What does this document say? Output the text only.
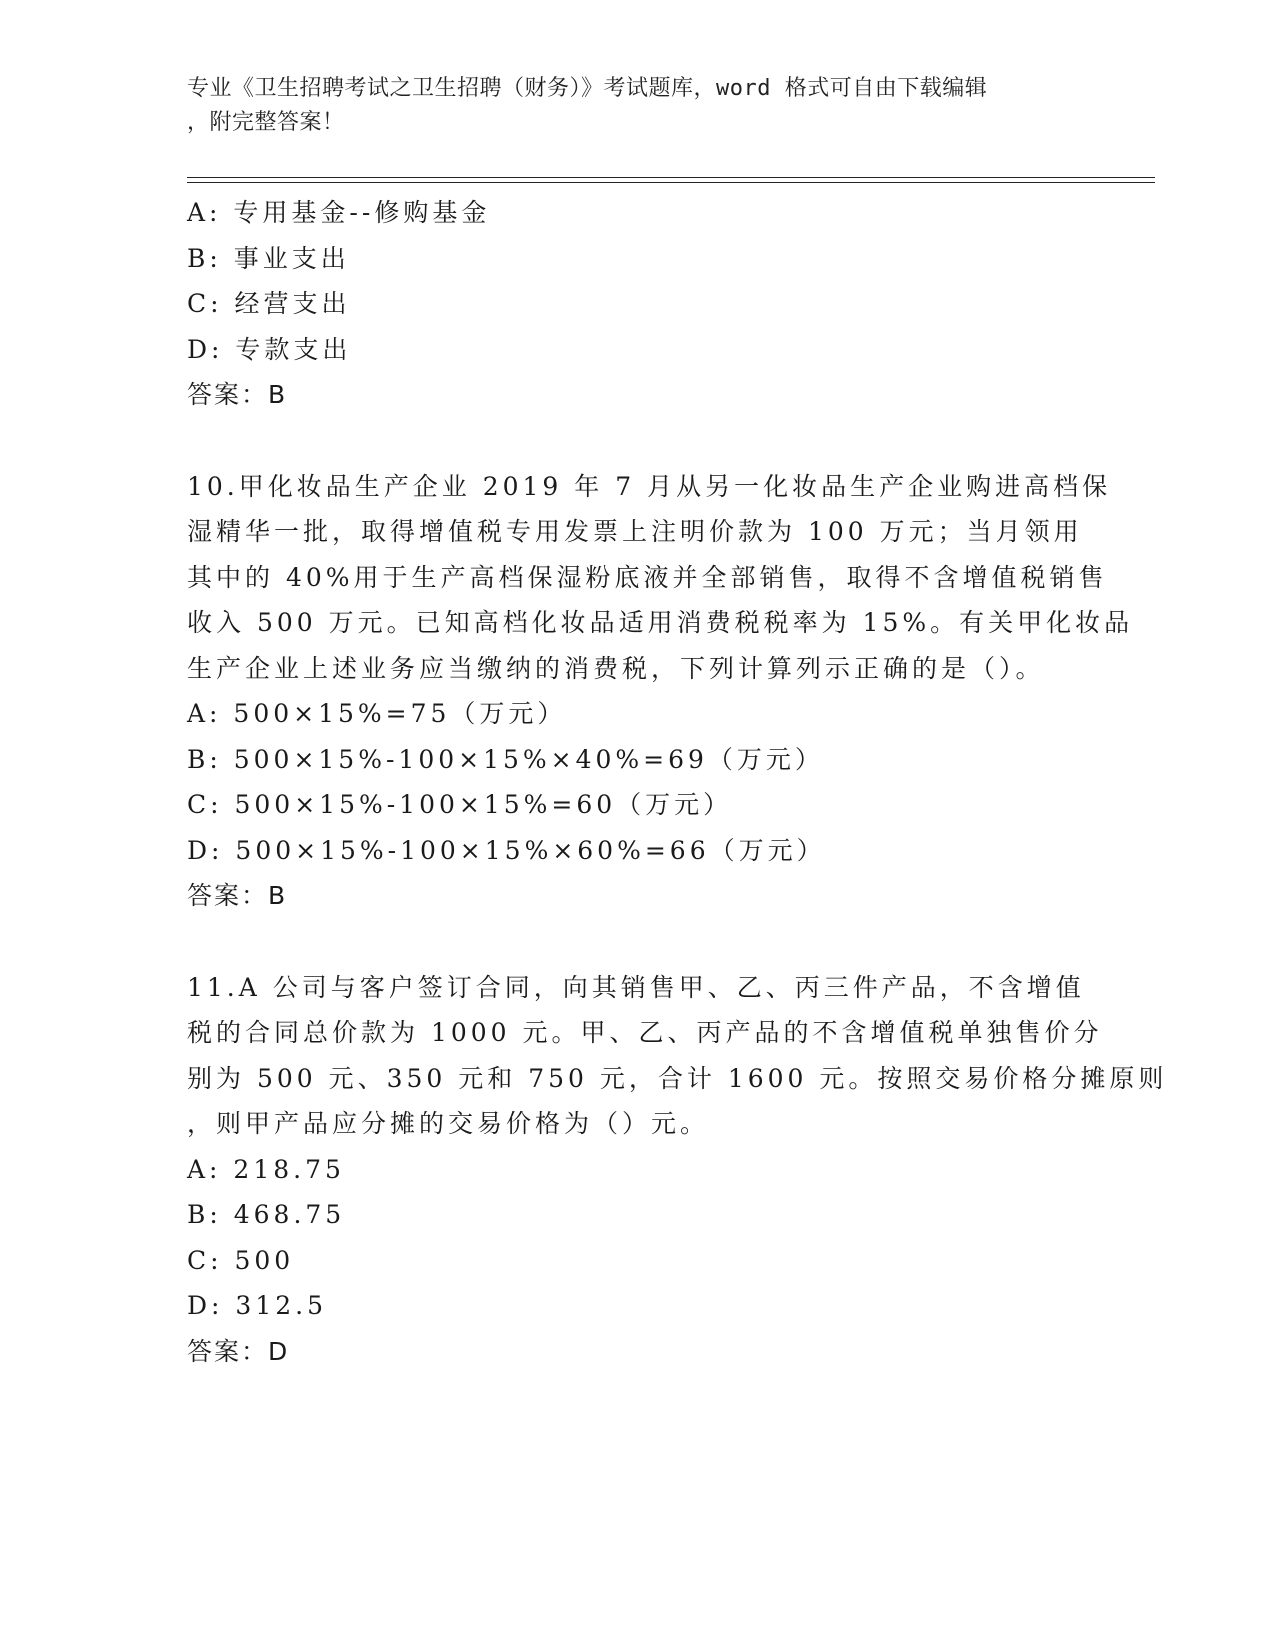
专业《卫生招聘考试之卫生招聘（财务）》考试题库，word 格式可自由下载编辑
，附完整答案！
A: 专用基金--修购基金
B: 事业支出
C: 经营支出
D: 专款支出
答案：B
10.甲化妆品生产企业 2019 年 7 月从另一化妆品生产企业购进高档保
湿精华一批，取得增值税专用发票上注明价款为 100 万元；当月领用
其中的 40%用于生产高档保湿粉底液并全部销售，取得不含增值税销售
收入 500 万元。已知高档化妆品适用消费税税率为 15%。有关甲化妆品
生产企业上述业务应当缴纳的消费税，下列计算列示正确的是（）。
A: 500×15%=75（万元）
B: 500×15%-100×15%×40%=69（万元）
C: 500×15%-100×15%=60（万元）
D: 500×15%-100×15%×60%=66（万元）
答案：B
11.A 公司与客户签订合同，向其销售甲、乙、丙三件产品，不含增值
税的合同总价款为 1000 元。甲、乙、丙产品的不含增值税单独售价分
别为 500 元、350 元和 750 元，合计 1600 元。按照交易价格分摊原则
，则甲产品应分摊的交易价格为（）元。
A: 218.75
B: 468.75
C: 500
D: 312.5
答案：D
